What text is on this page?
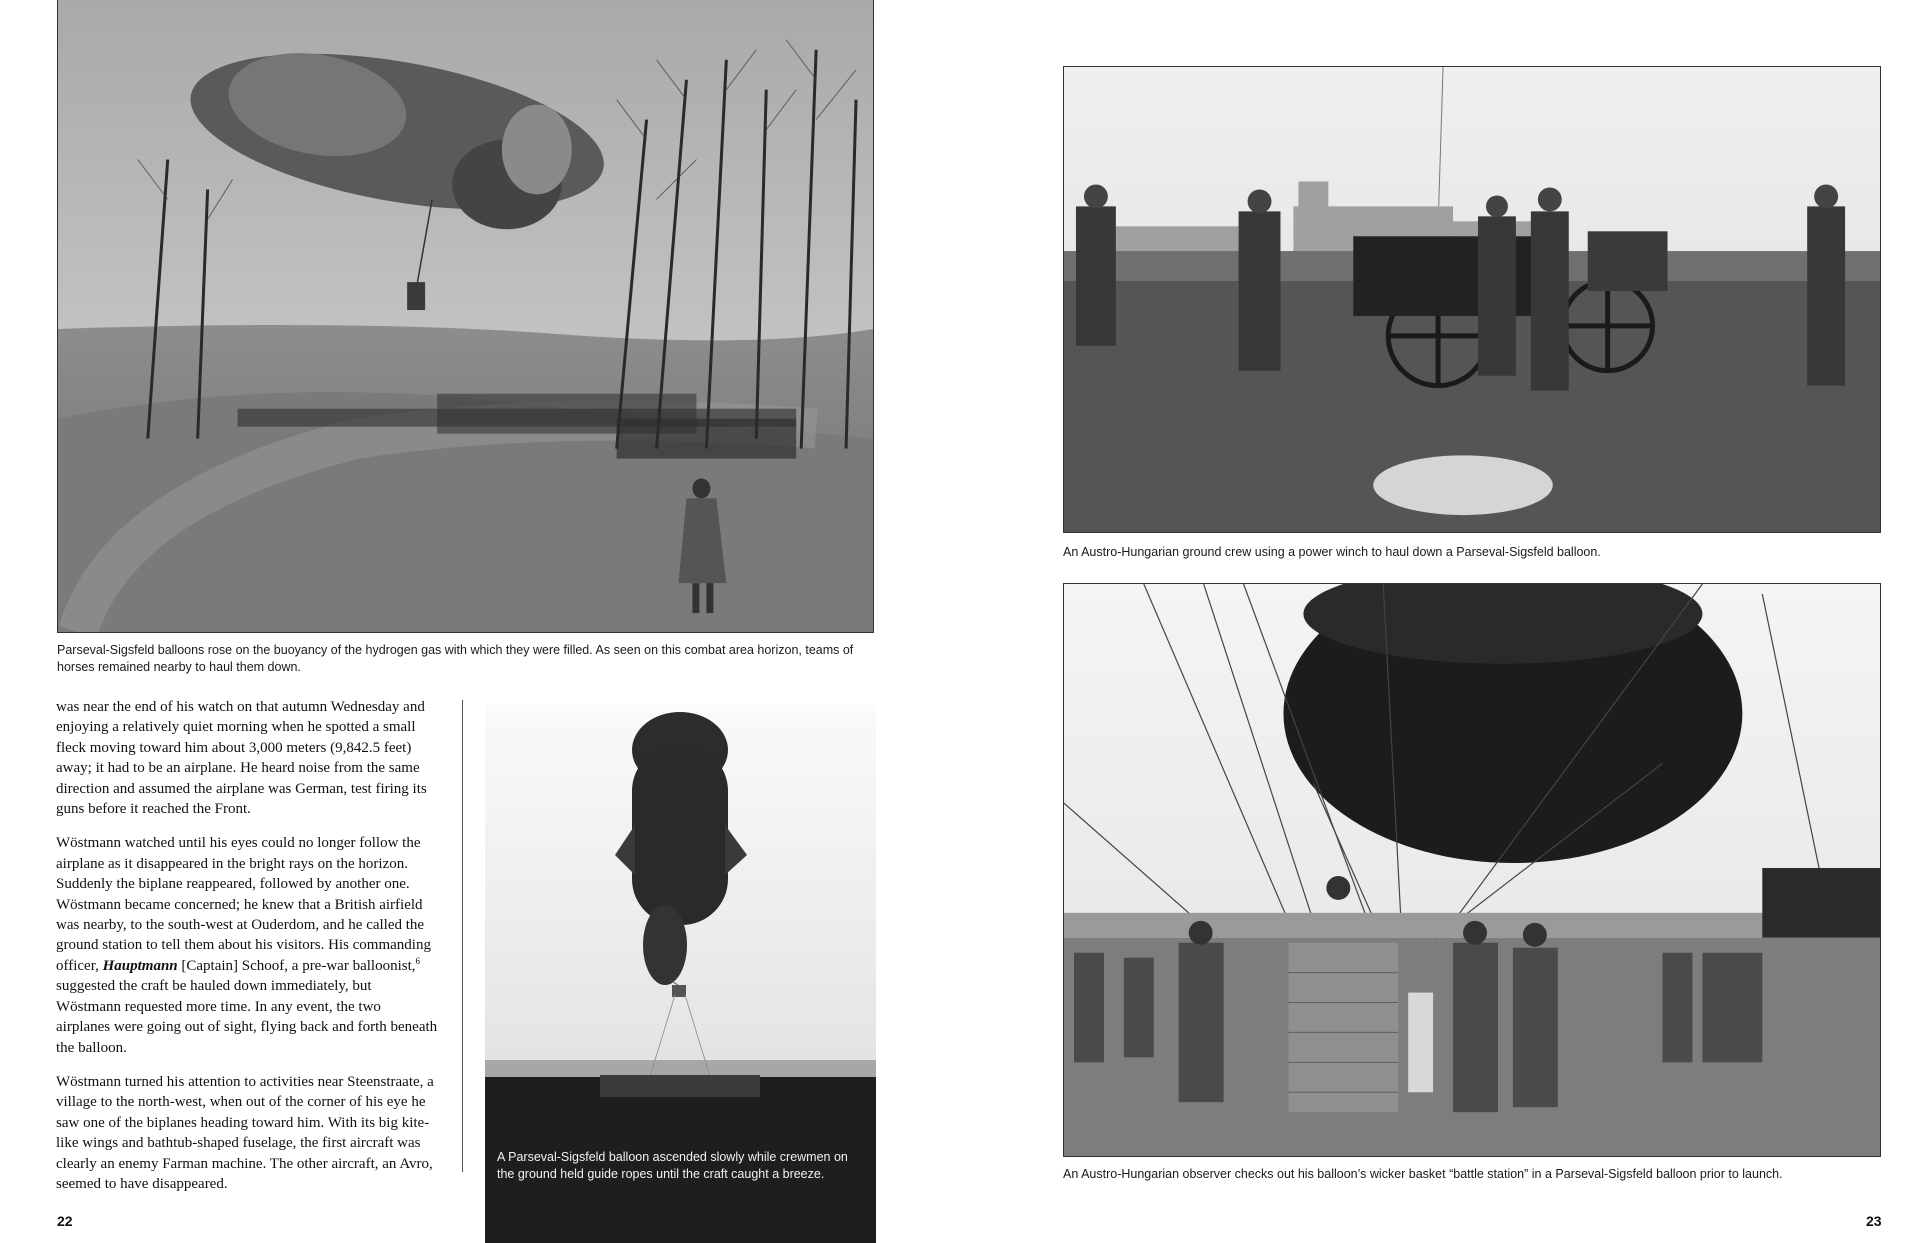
Parseval-Sigsfeld balloons rose on the buoyancy of the hydrogen gas with which they were filled. As seen on this combat area horizon, teams of horses remained nearby to haul them down.

was near the end of his watch on that autumn Wednesday and enjoying a relatively quiet morning when he spotted a small fleck moving toward him about 3,000 meters (9,842.5 feet) away; it had to be an airplane. He heard noise from the same direction and assumed the airplane was German, test firing its guns before it reached the Front.

Wöstmann watched until his eyes could no longer follow the airplane as it disappeared in the bright rays on the horizon. Suddenly the biplane reappeared, followed by another one. Wöstmann became concerned; he knew that a British airfield was nearby, to the south-west at Ouderdom, and he called the ground station to tell them about his visitors. His commanding officer, Hauptmann [Captain] Schoof, a pre-war balloonist,$^6$ suggested the craft be hauled down immediately, but Wöstmann requested more time. In any event, the two airplanes were going out of sight, flying back and forth beneath the balloon.

Wöstmann turned his attention to activities near Steenstraate, a village to the north-west, when out of the corner of his eye he saw one of the biplanes heading toward him. With its big kite-like wings and bathtub-shaped fuselage, the first aircraft was clearly an enemy Farman machine. The other aircraft, an Avro, seemed to have disappeared.

A Parseval-Sigsfeld balloon ascended slowly while crewmen on the ground held guide ropes until the craft caught a breeze.
22
An Austro-Hungarian ground crew using a power winch to haul down a Parseval-Sigsfeld balloon.
An Austro-Hungarian observer checks out his balloon’s wicker basket “battle station” in a Parseval-Sigsfeld balloon prior to launch.
23
